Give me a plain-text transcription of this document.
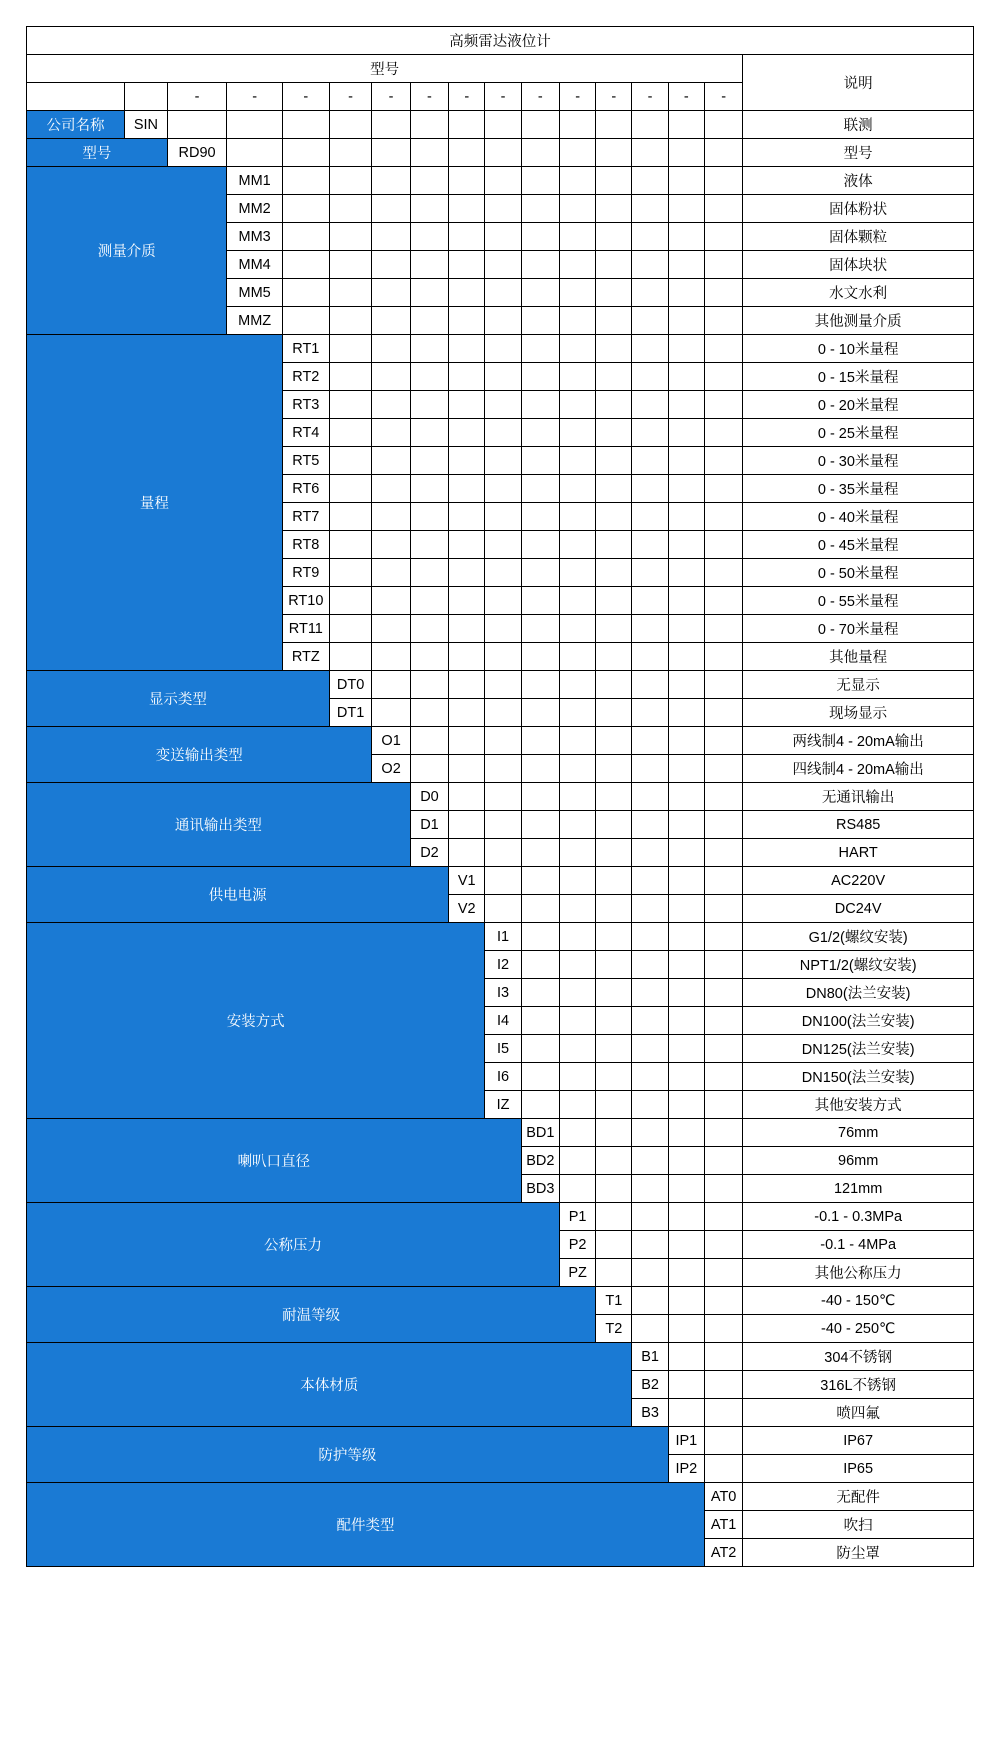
高频雷达液位计																
型号																说明
		-	-	-	-	-	-	-	-	-	-	-	-	-	-	
公司名称	SIN															联测
型号		RD90														型号
测量介质			MM1													液体
			MM2													固体粉状
			MM3													固体颗粒
			MM4													固体块状
			MM5													水文水利
			MMZ													其他测量介质
量程				RT1												0 - 10米量程
				RT2												0 - 15米量程
				RT3												0 - 20米量程
				RT4												0 - 25米量程
				RT5												0 - 30米量程
				RT6												0 - 35米量程
				RT7												0 - 40米量程
				RT8												0 - 45米量程
				RT9												0 - 50米量程
				RT10												0 - 55米量程
				RT11												0 - 70米量程
				RTZ												其他量程
显示类型					DT0											无显示
					DT1											现场显示
变送输出类型						O1										两线制4 - 20mA输出
						O2										四线制4 - 20mA输出
通讯输出类型							D0									无通讯输出
							D1									RS485
							D2									HART
供电电源								V1								AC220V
								V2								DC24V
安装方式									I1							G1/2(螺纹安装)
									I2							NPT1/2(螺纹安装)
									I3							DN80(法兰安装)
									I4							DN100(法兰安装)
									I5							DN125(法兰安装)
									I6							DN150(法兰安装)
									IZ							其他安装方式
喇叭口直径										BD1						76mm
										BD2						96mm
										BD3						121mm
公称压力											P1					-0.1 - 0.3MPa
											P2					-0.1 - 4MPa
											PZ					其他公称压力
耐温等级												T1				-40 - 150℃
												T2				-40 - 250℃
本体材质													B1			304不锈钢
													B2			316L不锈钢
													B3			喷四氟
防护等级														IP1		IP67
														IP2		IP65
配件类型															AT0	无配件
															AT1	吹扫
															AT2	防尘罩
